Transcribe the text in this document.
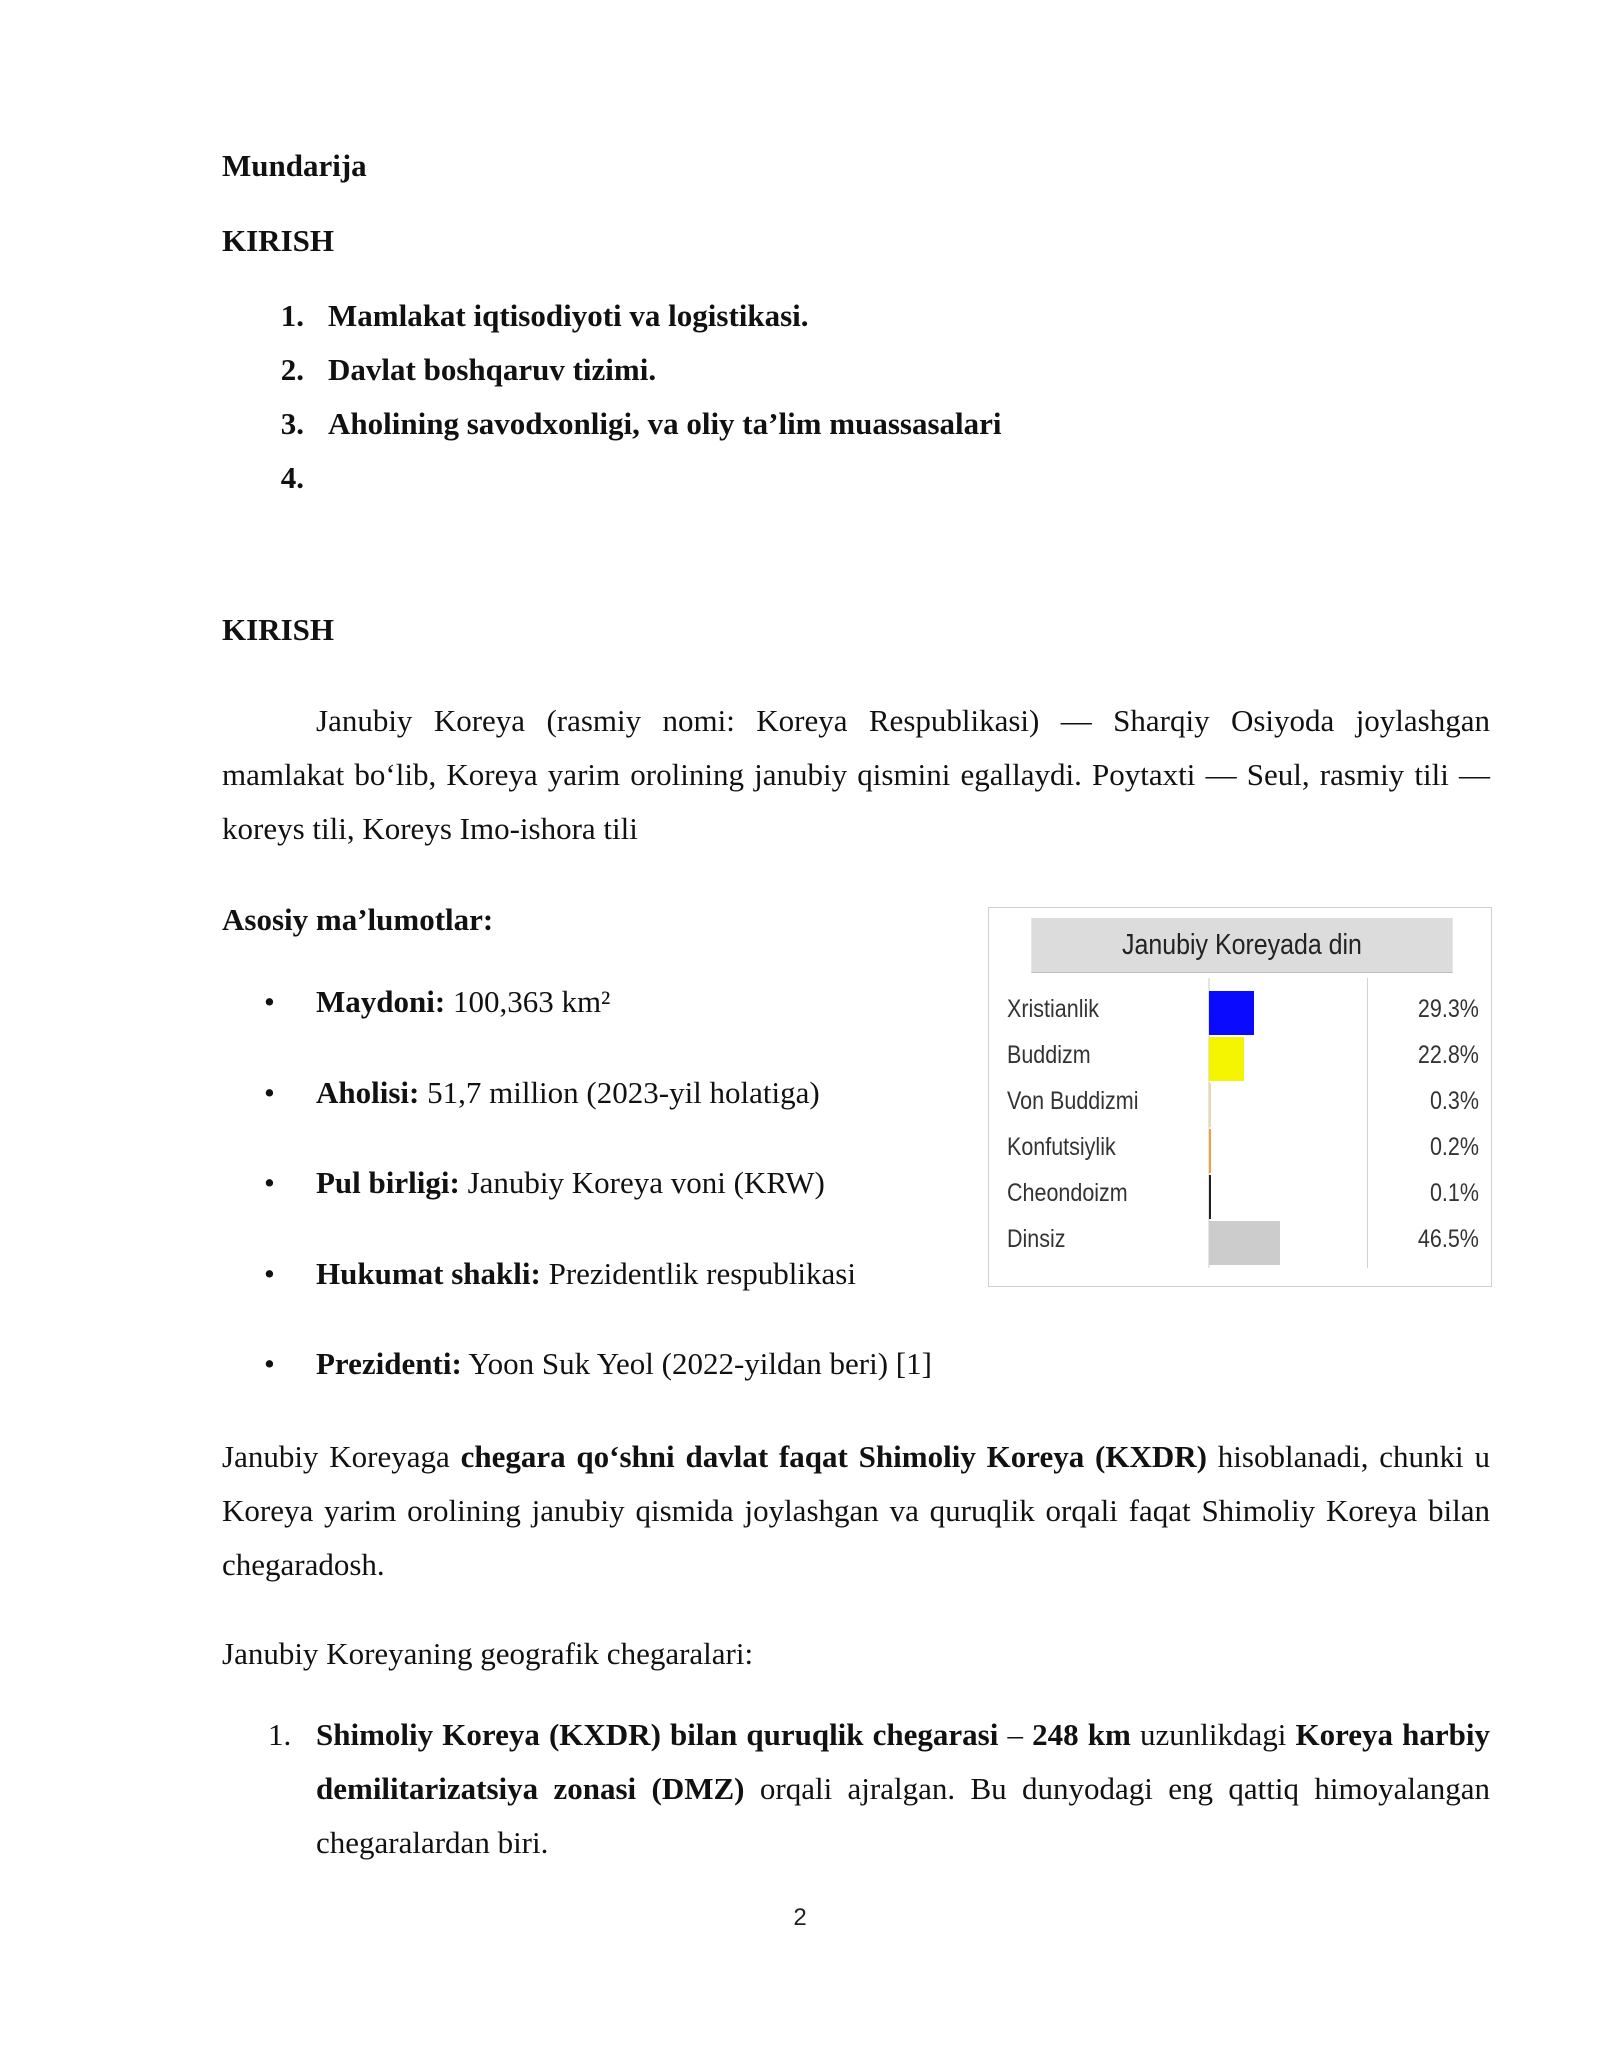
Mundarija
KIRISH
1. Mamlakat iqtisodiyoti va logistikasi.
2. Davlat boshqaruv tizimi.
3. Aholining savodxonligi, va oliy ta’lim muassasalari
4.
KIRISH
Janubiy Koreya (rasmiy nomi: Koreya Respublikasi) — Sharqiy Osiyoda joylashgan
mamlakat bo‘lib, Koreya yarim orolining janubiy qismini egallaydi. Poytaxti — Seul, rasmiy tili —
koreys tili, Koreys Imo-ishora tili
Asosiy ma’lumotlar:
• Maydoni: 100,363 km²
• Aholisi: 51,7 million (2023-yil holatiga)
• Pul birligi: Janubiy Koreya voni (KRW)
• Hukumat shakli: Prezidentlik respublikasi
• Prezidenti: Yoon Suk Yeol (2022-yildan beri) [1]
Janubiy Koreyada din
Xristianlik	29.3%
Buddizm	22.8%
Von Buddizmi	0.3%
Konfutsiylik	0.2%
Cheondoizm	0.1%
Dinsiz	46.5%
Janubiy Koreyaga chegara qo‘shni davlat faqat Shimoliy Koreya (KXDR) hisoblanadi, chunki u
Koreya yarim orolining janubiy qismida joylashgan va quruqlik orqali faqat Shimoliy Koreya bilan
chegaradosh.
Janubiy Koreyaning geografik chegaralari:
1. Shimoliy Koreya (KXDR) bilan quruqlik chegarasi – 248 km uzunlikdagi Koreya harbiy
demilitarizatsiya zonasi (DMZ) orqali ajralgan. Bu dunyodagi eng qattiq himoyalangan
chegaralardan biri.
2
